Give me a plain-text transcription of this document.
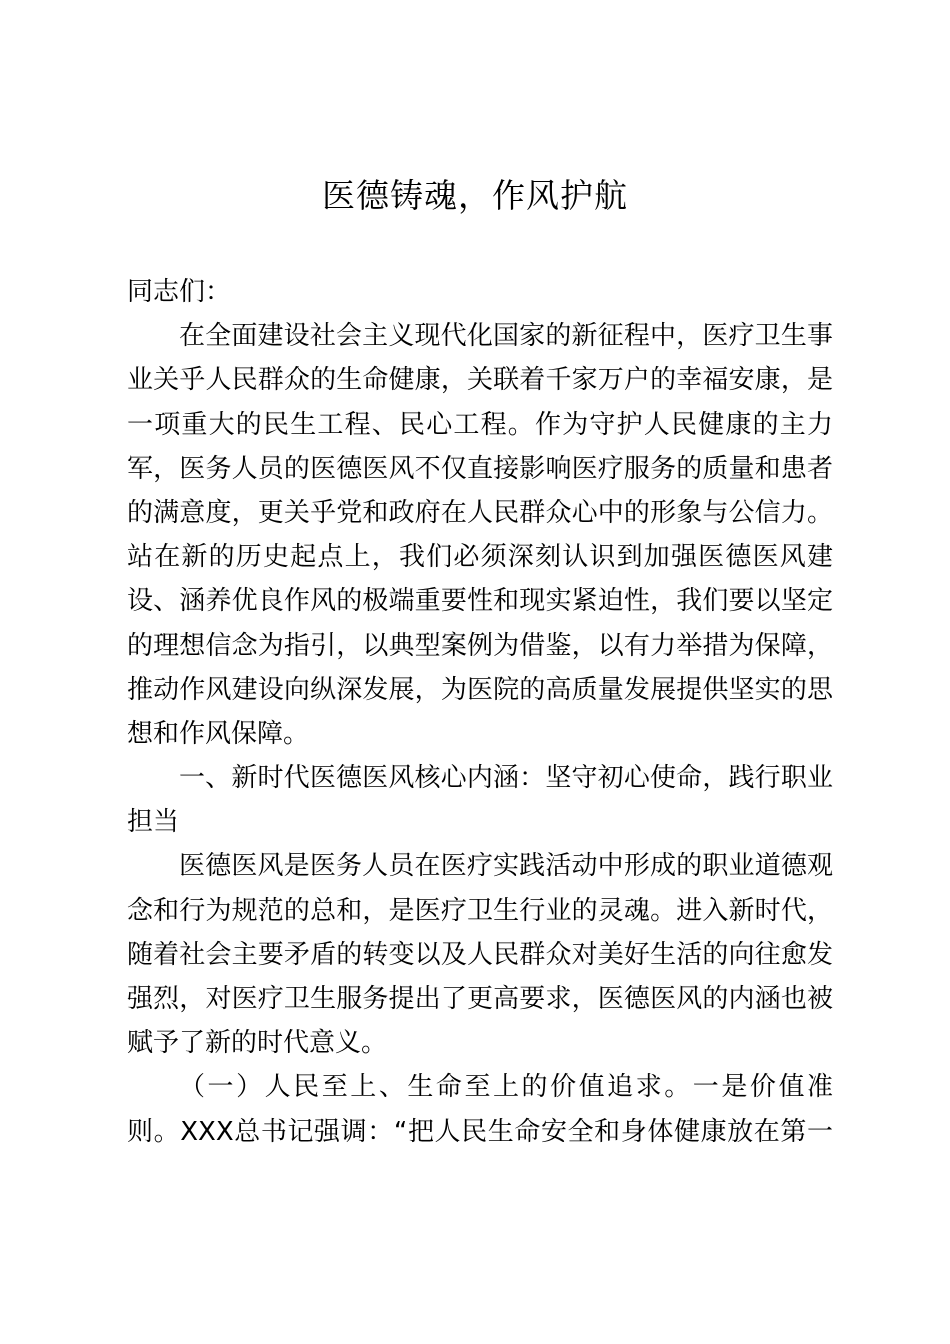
医德铸魂，作风护航
同志们：
在全面建设社会主义现代化国家的新征程中，医疗卫生事
业关乎人民群众的生命健康，关联着千家万户的幸福安康，是
一项重大的民生工程、民心工程。作为守护人民健康的主力
军，医务人员的医德医风不仅直接影响医疗服务的质量和患者
的满意度，更关乎党和政府在人民群众心中的形象与公信力。
站在新的历史起点上，我们必须深刻认识到加强医德医风建
设、涵养优良作风的极端重要性和现实紧迫性，我们要以坚定
的理想信念为指引，以典型案例为借鉴，以有力举措为保障，
推动作风建设向纵深发展，为医院的高质量发展提供坚实的思
想和作风保障。
一、新时代医德医风核心内涵：坚守初心使命，践行职业
担当
医德医风是医务人员在医疗实践活动中形成的职业道德观
念和行为规范的总和，是医疗卫生行业的灵魂。进入新时代，
随着社会主要矛盾的转变以及人民群众对美好生活的向往愈发
强烈，对医疗卫生服务提出了更高要求，医德医风的内涵也被
赋予了新的时代意义。
（一）人民至上、生命至上的价值追求。一是价值准
则。XXX总书记强调：“把人民生命安全和身体健康放在第一
